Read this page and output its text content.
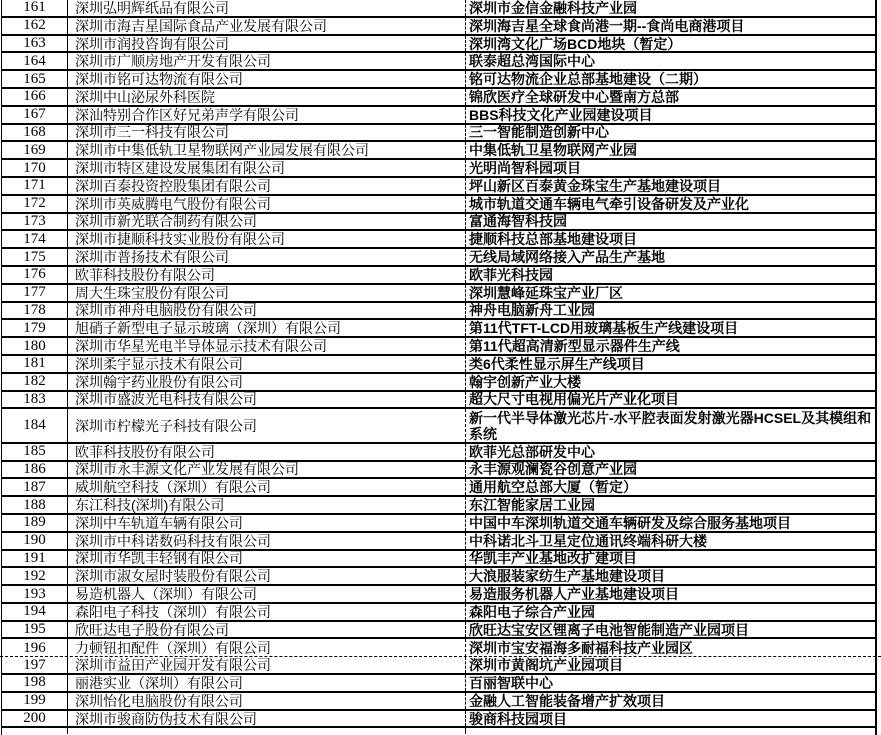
161	深圳弘明辉纸品有限公司	深圳市金信金融科技产业园
162	深圳市海吉星国际食品产业发展有限公司	深圳海吉星全球食尚港一期--食尚电商港项目
163	深圳市润投咨询有限公司	深圳湾文化广场BCD地块（暂定）
164	深圳市广顺房地产开发有限公司	联泰超总湾国际中心
165	深圳市铭可达物流有限公司	铭可达物流企业总部基地建设（二期）
166	深圳中山泌尿外科医院	锦欣医疗全球研发中心暨南方总部
167	深汕特别合作区好兄弟声学有限公司	BBS科技文化产业园建设项目
168	深圳市三一科技有限公司	三一智能制造创新中心
169	深圳市中集低轨卫星物联网产业园发展有限公司	中集低轨卫星物联网产业园
170	深圳市特区建设发展集团有限公司	光明尚智科园项目
171	深圳百泰投资控股集团有限公司	坪山新区百泰黄金珠宝生产基地建设项目
172	深圳市英威腾电气股份有限公司	城市轨道交通车辆电气牵引设备研发及产业化
173	深圳市新光联合制药有限公司	富通海智科技园
174	深圳市捷顺科技实业股份有限公司	捷顺科技总部基地建设项目
175	深圳市普扬技术有限公司	无线局域网络接入产品生产基地
176	欧菲科技股份有限公司	欧菲光科技园
177	周大生珠宝股份有限公司	深圳慧峰延珠宝产业厂区
178	深圳市神舟电脑股份有限公司	神舟电脑新舟工业园
179	旭硝子新型电子显示玻璃（深圳）有限公司	第11代TFT-LCD用玻璃基板生产线建设项目
180	深圳市华星光电半导体显示技术有限公司	第11代超高清新型显示器件生产线
181	深圳柔宇显示技术有限公司	类6代柔性显示屏生产线项目
182	深圳翰宇药业股份有限公司	翰宇创新产业大楼
183	深圳市盛波光电科技有限公司	超大尺寸电视用偏光片产业化项目
184	深圳市柠檬光子科技有限公司	新一代半导体激光芯片-水平腔表面发射激光器HCSEL及其模组和系统
185	欧菲科技股份有限公司	欧菲光总部研发中心
186	深圳市永丰源文化产业发展有限公司	永丰源观澜瓷谷创意产业园
187	威圳航空科技（深圳）有限公司	通用航空总部大厦（暂定）
188	东江科技(深圳)有限公司	东江智能家居工业园
189	深圳中车轨道车辆有限公司	中国中车深圳轨道交通车辆研发及综合服务基地项目
190	深圳市中科诺数码科技有限公司	中科诺北斗卫星定位通讯终端科研大楼
191	深圳市华凯丰轻钢有限公司	华凯丰产业基地改扩建项目
192	深圳市淑女屋时装股份有限公司	大浪服装家纺生产基地建设项目
193	易造机器人（深圳）有限公司	易造服务机器人产业基地建设项目
194	森阳电子科技（深圳）有限公司	森阳电子综合产业园
195	欣旺达电子股份有限公司	欣旺达宝安区锂离子电池智能制造产业园项目
196	力顿钮扣配件（深圳）有限公司	深圳市宝安福海多耐福科技产业园区
197	深圳市益田产业园开发有限公司	深圳市黄阁坑产业园项目
198	丽港实业（深圳）有限公司	百丽智联中心
199	深圳怡化电脑股份有限公司	金融人工智能装备增产扩效项目
200	深圳市骏商防伪技术有限公司	骏商科技园项目
